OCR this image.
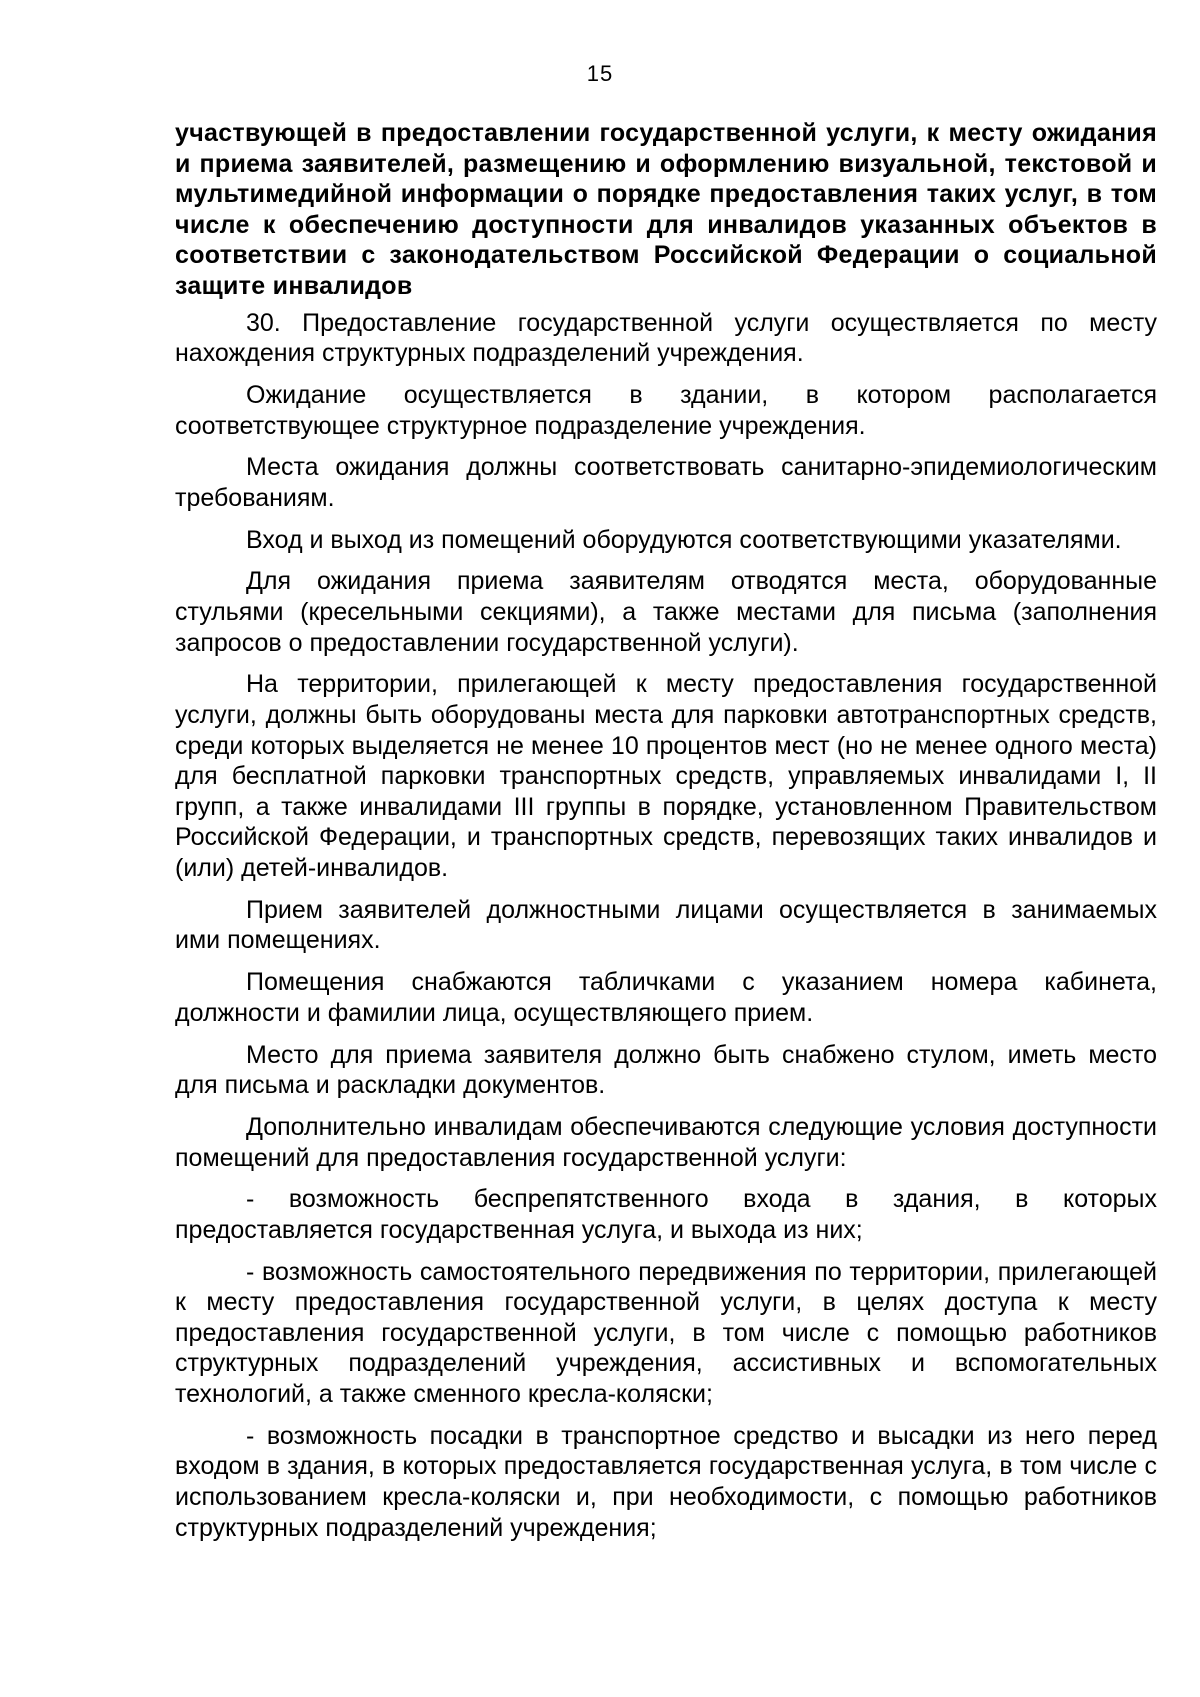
15

участвующей в предоставлении государственной услуги, к месту ожидания и приема заявителей, размещению и оформлению визуальной, текстовой и мультимедийной информации о порядке предоставления таких услуг, в том числе к обеспечению доступности для инвалидов указанных объектов в соответствии с законодательством Российской Федерации о социальной защите инвалидов

30. Предоставление государственной услуги осуществляется по месту нахождения структурных подразделений учреждения.

Ожидание осуществляется в здании, в котором располагается соответствующее структурное подразделение учреждения.

Места ожидания должны соответствовать санитарно-эпидемиологическим требованиям.

Вход и выход из помещений оборудуются соответствующими указателями.

Для ожидания приема заявителям отводятся места, оборудованные стульями (кресельными секциями), а также местами для письма (заполнения запросов о предоставлении государственной услуги).

На территории, прилегающей к месту предоставления государственной услуги, должны быть оборудованы места для парковки автотранспортных средств, среди которых выделяется не менее 10 процентов мест (но не менее одного места) для бесплатной парковки транспортных средств, управляемых инвалидами I, II групп, а также инвалидами III группы в порядке, установленном Правительством Российской Федерации, и транспортных средств, перевозящих таких инвалидов и (или) детей-инвалидов.

Прием заявителей должностными лицами осуществляется в занимаемых ими помещениях.

Помещения снабжаются табличками с указанием номера кабинета, должности и фамилии лица, осуществляющего прием.

Место для приема заявителя должно быть снабжено стулом, иметь место для письма и раскладки документов.

Дополнительно инвалидам обеспечиваются следующие условия доступности помещений для предоставления государственной услуги:

- возможность беспрепятственного входа в здания, в которых предоставляется государственная услуга, и выхода из них;

- возможность самостоятельного передвижения по территории, прилегающей к месту предоставления государственной услуги, в целях доступа к месту предоставления государственной услуги, в том числе с помощью работников структурных подразделений учреждения, ассистивных и вспомогательных технологий, а также сменного кресла-коляски;

- возможность посадки в транспортное средство и высадки из него перед входом в здания, в которых предоставляется государственная услуга, в том числе с использованием кресла-коляски и, при необходимости, с помощью работников структурных подразделений учреждения;
